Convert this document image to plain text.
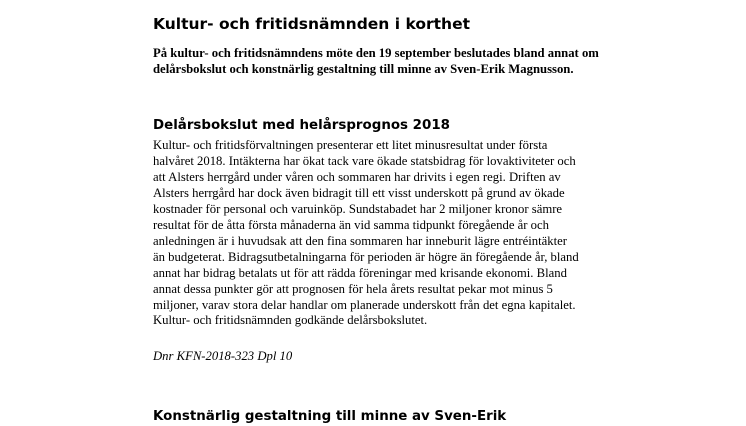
Kultur- och fritidsnämnden i korthet

På kultur- och fritidsnämndens möte den 19 september beslutades bland annat om delårsbokslut och konstnärlig gestaltning till minne av Sven-Erik Magnusson.

Delårsbokslut med helårsprognos 2018
Kultur- och fritidsförvaltningen presenterar ett litet minusresultat under första
halvåret 2018. Intäkterna har ökat tack vare ökade statsbidrag för lovaktiviteter och
att Alsters herrgård under våren och sommaren har drivits i egen regi. Driften av
Alsters herrgård har dock även bidragit till ett visst underskott på grund av ökade
kostnader för personal och varuinköp. Sundstabadet har 2 miljoner kronor sämre
resultat för de åtta första månaderna än vid samma tidpunkt föregående år och
anledningen är i huvudsak att den fina sommaren har inneburit lägre entréintäkter
än budgeterat. Bidragsutbetalningarna för perioden är högre än föregående år, bland
annat har bidrag betalats ut för att rädda föreningar med krisande ekonomi. Bland
annat dessa punkter gör att prognosen för hela årets resultat pekar mot minus 5
miljoner, varav stora delar handlar om planerade underskott från det egna kapitalet.
Kultur- och fritidsnämnden godkände delårsbokslutet.

Dnr KFN-2018-323 Dpl 10

Konstnärlig gestaltning till minne av Sven-Erik
